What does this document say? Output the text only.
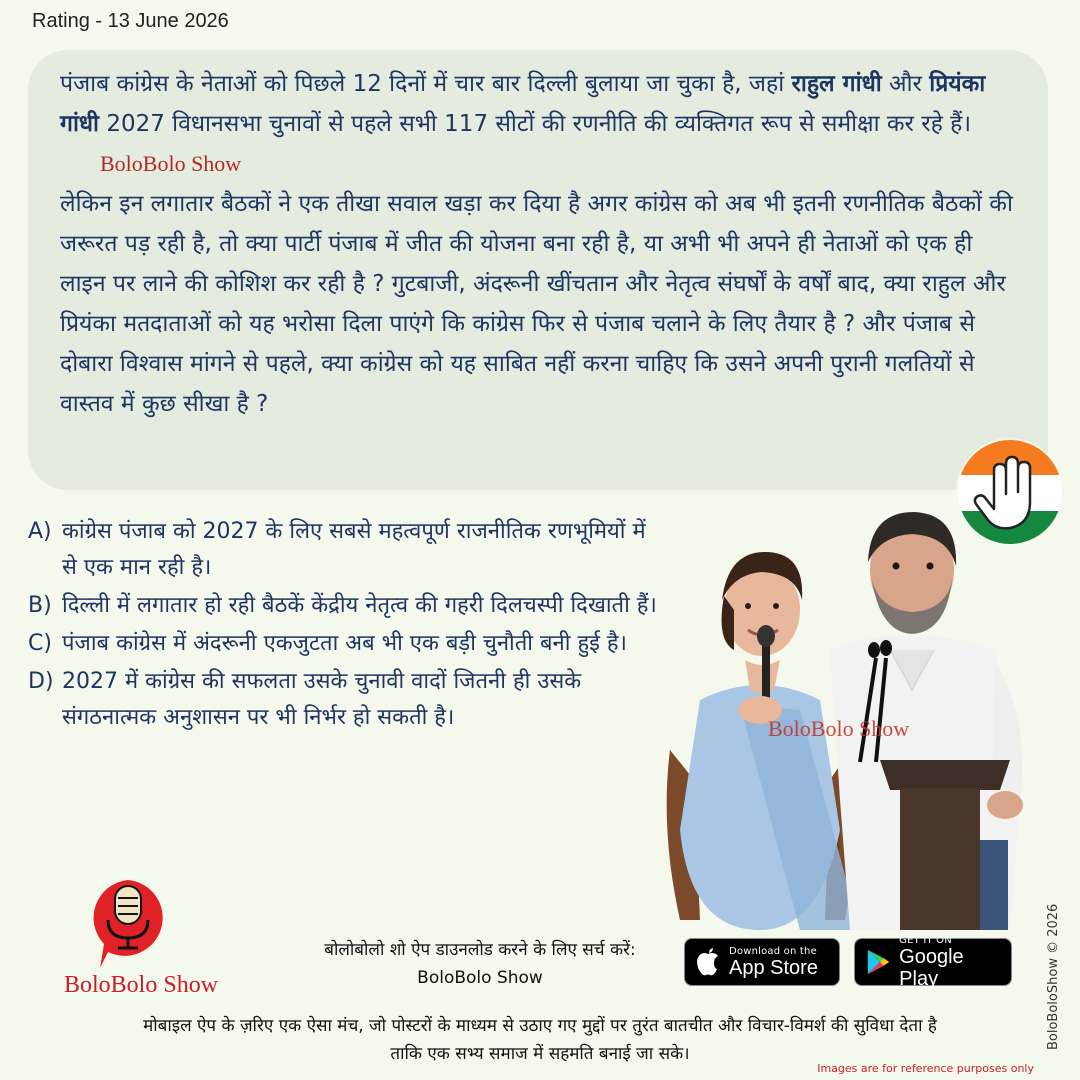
Rating - 13 June 2026

पंजाब कांग्रेस के नेताओं को पिछले 12 दिनों में चार बार दिल्ली बुलाया जा चुका है, जहां राहुल गांधी और प्रियंका गांधी 2027 विधानसभा चुनावों से पहले सभी 117 सीटों की रणनीति की व्यक्तिगत रूप से समीक्षा कर रहे हैं।BoloBolo Show

लेकिन इन लगातार बैठकों ने एक तीखा सवाल खड़ा कर दिया है अगर कांग्रेस को अब भी इतनी रणनीतिक बैठकों की जरूरत पड़ रही है, तो क्या पार्टी पंजाब में जीत की योजना बना रही है, या अभी भी अपने ही नेताओं को एक ही लाइन पर लाने की कोशिश कर रही है ? गुटबाजी, अंदरूनी खींचतान और नेतृत्व संघर्षों के वर्षों बाद, क्या राहुल और प्रियंका मतदाताओं को यह भरोसा दिला पाएंगे कि कांग्रेस फिर से पंजाब चलाने के लिए तैयार है ? और पंजाब से दोबारा विश्वास मांगने से पहले, क्या कांग्रेस को यह साबित नहीं करना चाहिए कि उसने अपनी पुरानी गलतियों से वास्तव में कुछ सीखा है ?

A) कांग्रेस पंजाब को 2027 के लिए सबसे महत्वपूर्ण राजनीतिक रणभूमियों में से एक मान रही है।
B) दिल्ली में लगातार हो रही बैठकें केंद्रीय नेतृत्व की गहरी दिलचस्पी दिखाती हैं।
C) पंजाब कांग्रेस में अंदरूनी एकजुटता अब भी एक बड़ी चुनौती बनी हुई है।
D) 2027 में कांग्रेस की सफलता उसके चुनावी वादों जितनी ही उसके संगठनात्मक अनुशासन पर भी निर्भर हो सकती है।	BoloBolo Show
BoloBolo Show
बोलोबोलो शो ऐप डाउनलोड करने के लिए सर्च करें:
BoloBolo Show
Download on the
App Store
GET IT ON
Google Play	BoloBoloShow © 2026
मोबाइल ऐप के ज़रिए एक ऐसा मंच, जो पोस्टरों के माध्यम से उठाए गए मुद्दों पर तुरंत बातचीत और विचार-विमर्श की सुविधा देता है
ताकि एक सभ्य समाज में सहमति बनाई जा सके।
Images are for reference purposes only
